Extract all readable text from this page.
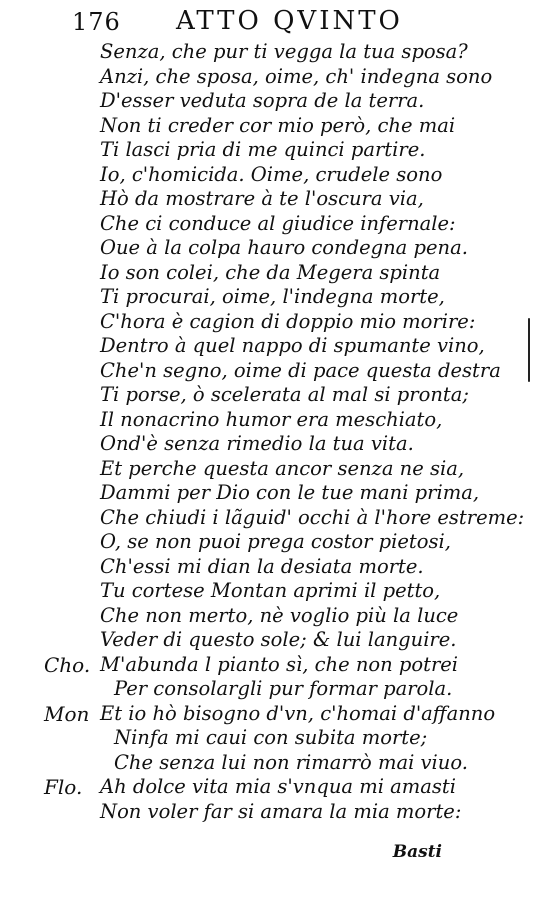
176 ATTO QVINTO
Senza, che pur ti vegga la tua sposa?
Anzi, che sposa, oime, ch' indegna sono
D'esser veduta sopra de la terra.
Non ti creder cor mio però, che mai
Ti lasci pria di me quinci partire.
Io, c'homicida. Oime, crudele sono
Hò da mostrare à te l'oscura via,
Che ci conduce al giudice infernale:
Oue à la colpa hauro condegna pena.
Io son colei, che da Megera spinta
Ti procurai, oime, l'indegna morte,
C'hora è cagion di doppio mio morire:
Dentro à quel nappo di spumante vino,
Che'n segno, oime di pace questa destra
Ti porse, ò scelerata al mal si pronta;
Il nonacrino humor era meschiato,
Ond'è senza rimedio la tua vita.
Et perche questa ancor senza ne sia,
Dammi per Dio con le tue mani prima,
Che chiudi i lãguid' occhi à l'hore estreme:
O, se non puoi prega costor pietosi,
Ch'essi mi dian la desiata morte.
Tu cortese Montan aprimi il petto,
Che non merto, nè voglio più la luce
Veder di questo sole; & lui languire.
Cho. M'abunda l pianto sì, che non potrei
Per consolargli pur formar parola.
Mon Et io hò bisogno d'vn, c'homai d'affanno
Ninfa mi caui con subita morte;
Che senza lui non rimarrò mai viuo.
Flo. Ah dolce vita mia s'vnqua mi amasti
Non voler far si amara la mia morte:
Basti
